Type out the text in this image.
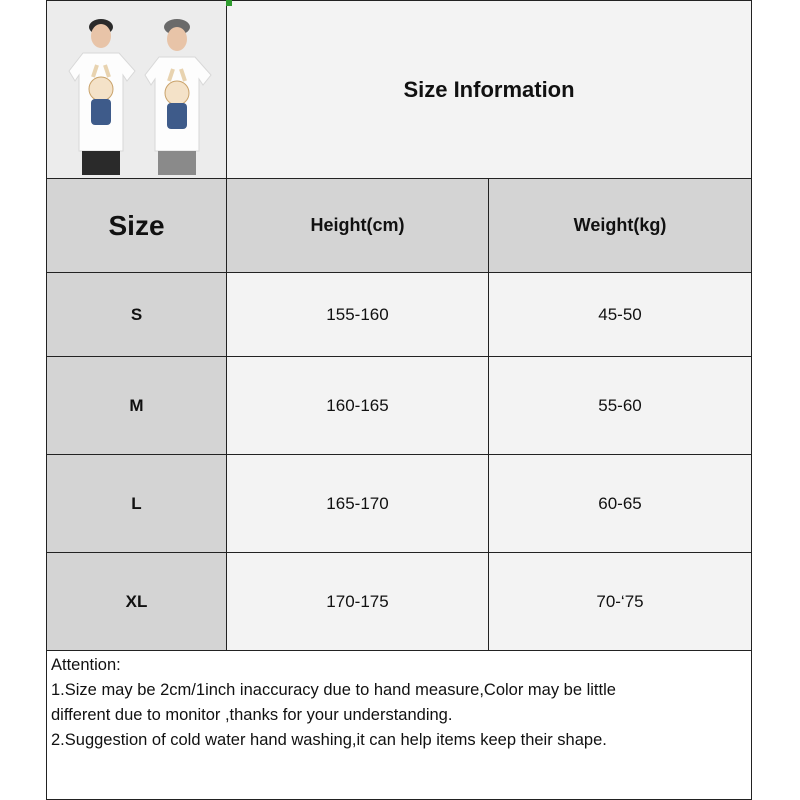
Size Information
Size	Height(cm)	Weight(kg)
S	155-160	45-50
M	160-165	55-60
L	165-170	60-65
XL	170-175	70-‘75
Attention:
1.Size may be 2cm/1inch inaccuracy due to hand measure,Color may be little
different due to monitor ,thanks for your understanding.
2.Suggestion of cold water hand washing,it can help items keep their shape.
